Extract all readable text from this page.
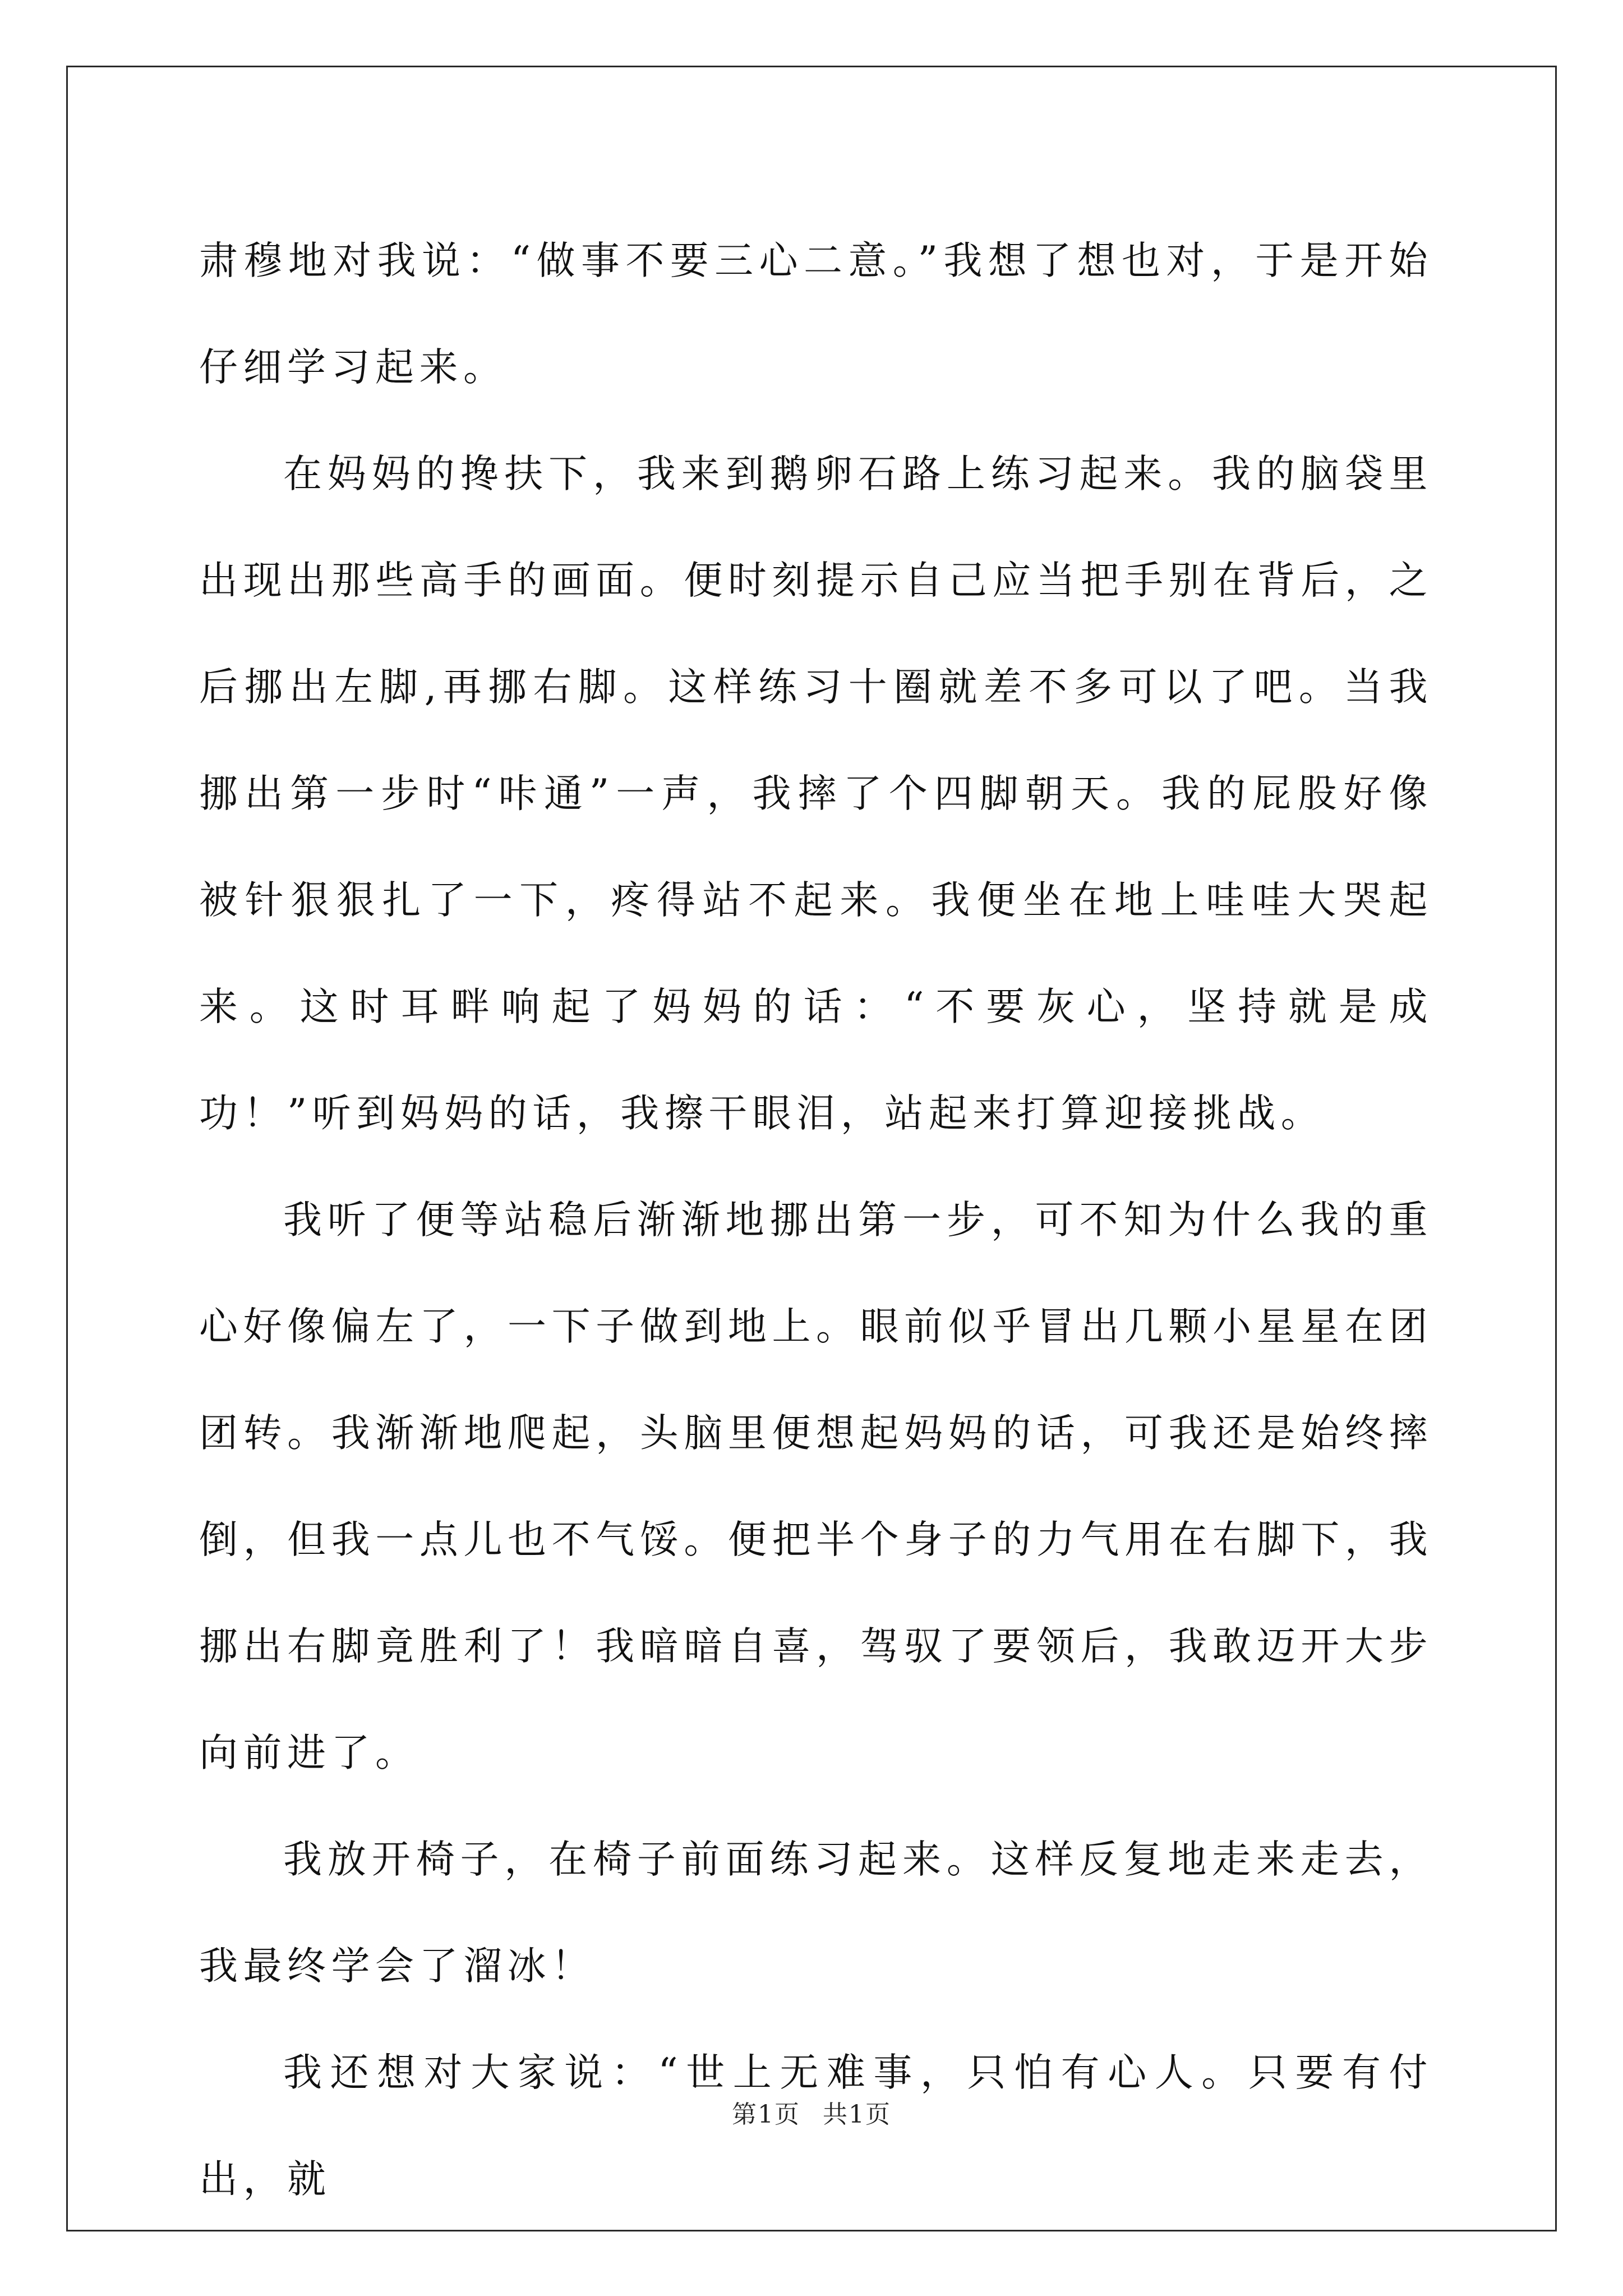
肃穆地对我说：“做事不要三心二意。”我想了想也对，于是开始仔细学习起来。

在妈妈的搀扶下，我来到鹅卵石路上练习起来。我的脑袋里出现出那些高手的画面。便时刻提示自己应当把手别在背后，之后挪出左脚,再挪右脚。这样练习十圈就差不多可以了吧。当我挪出第一步时“咔通”一声，我摔了个四脚朝天。我的屁股好像被针狠狠扎了一下，疼得站不起来。我便坐在地上哇哇大哭起来。这时耳畔响起了妈妈的话：“不要灰心，坚持就是成功！”听到妈妈的话，我擦干眼泪，站起来打算迎接挑战。

我听了便等站稳后渐渐地挪出第一步，可不知为什么我的重心好像偏左了，一下子做到地上。眼前似乎冒出几颗小星星在团团转。我渐渐地爬起，头脑里便想起妈妈的话，可我还是始终摔倒，但我一点儿也不气馁。便把半个身子的力气用在右脚下，我挪出右脚竟胜利了！我暗暗自喜，驾驭了要领后，我敢迈开大步向前进了。

我放开椅子，在椅子前面练习起来。这样反复地走来走去，我最终学会了溜冰！

我还想对大家说：“世上无难事，只怕有心人。只要有付出，就

第1页 共1页
